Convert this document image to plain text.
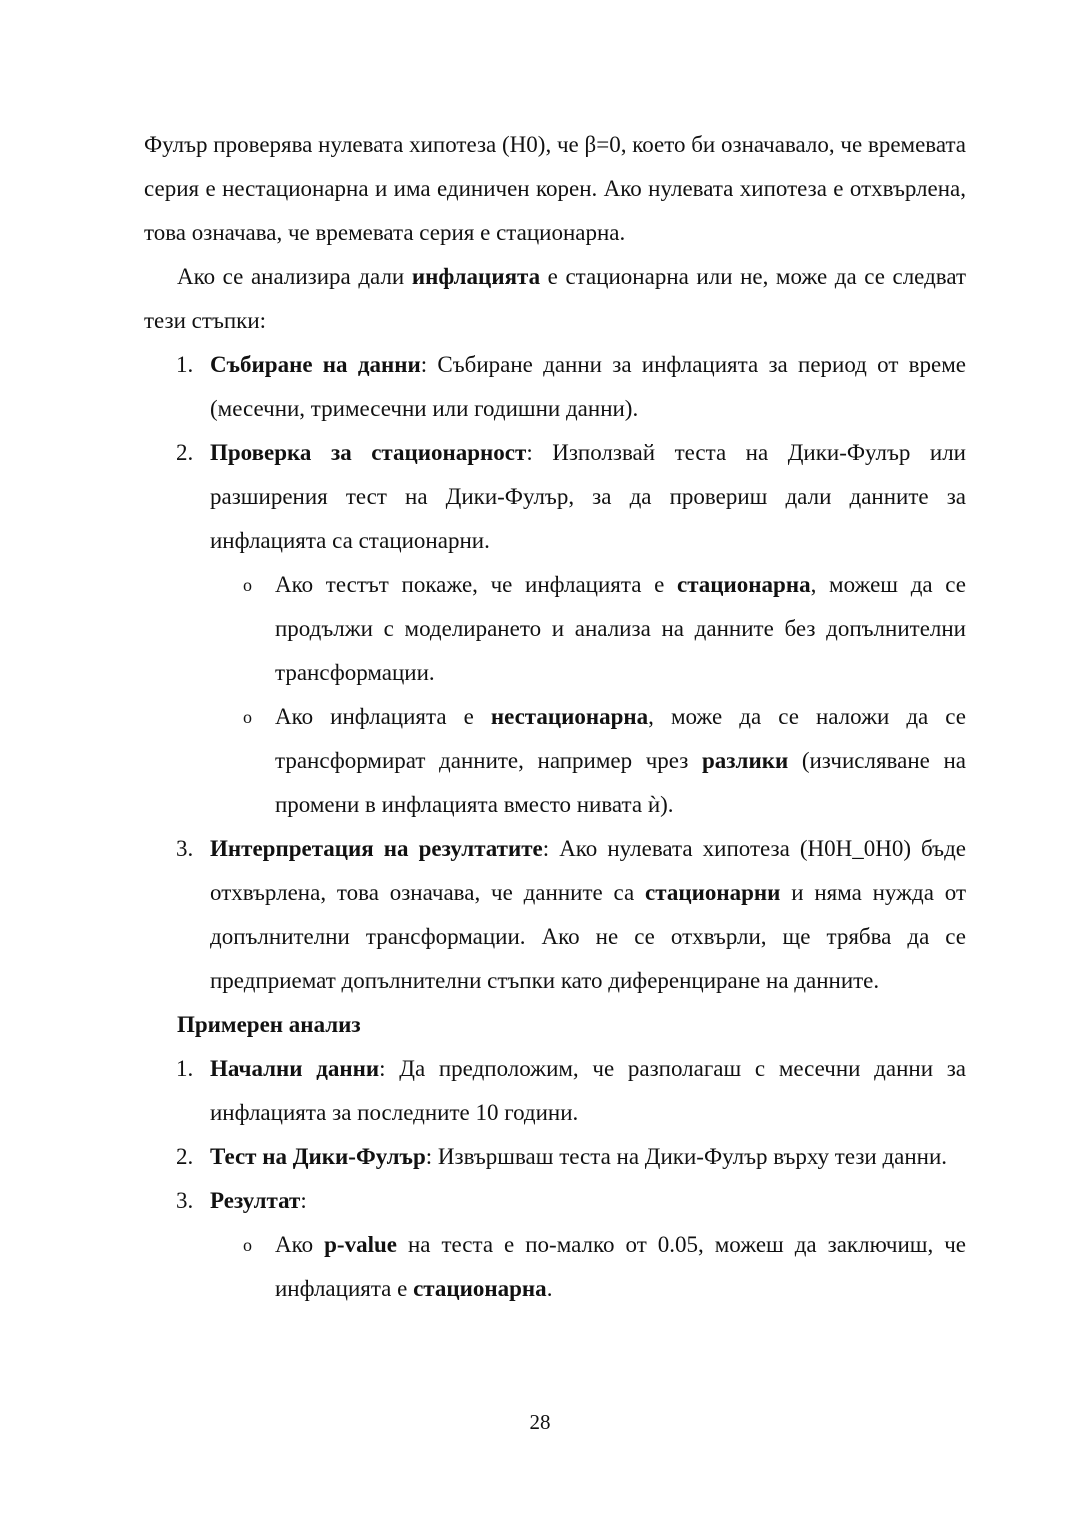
Фулър проверява нулевата хипотеза (H0), че β=0, което би означавало, че времевата серия е нестационарна и има единичен корен. Ако нулевата хипотеза е отхвърлена, това означава, че времевата серия е стационарна.

Ако се анализира дали инфлацията е стационарна или не, може да се следват тези стъпки:

1. Събиране на данни: Събиране данни за инфлацията за период от време (месечни, тримесечни или годишни данни).
2. Проверка за стационарност: Използвай теста на Дики-Фулър или разширения тест на Дики-Фулър, за да провериш дали данните за инфлацията са стационарни.
o Ако тестът покаже, че инфлацията е стационарна, можеш да се продължи с моделирането и анализа на данните без допълнителни трансформации.
o Ако инфлацията е нестационарна, може да се наложи да се трансформират данните, например чрез разлики (изчисляване на промени в инфлацията вместо нивата ѝ).
3. Интерпретация на резултатите: Ако нулевата хипотеза (H0H_0H0) бъде отхвърлена, това означава, че данните са стационарни и няма нужда от допълнителни трансформации. Ако не се отхвърли, ще трябва да се предприемат допълнителни стъпки като диференциране на данните.

Примерен анализ

1. Начални данни: Да предположим, че разполагаш с месечни данни за инфлацията за последните 10 години.
2. Тест на Дики-Фулър: Извършваш теста на Дики-Фулър върху тези данни.
3. Резултат:
o Ако p-value на теста е по-малко от 0.05, можеш да заключиш, че инфлацията е стационарна.
28
